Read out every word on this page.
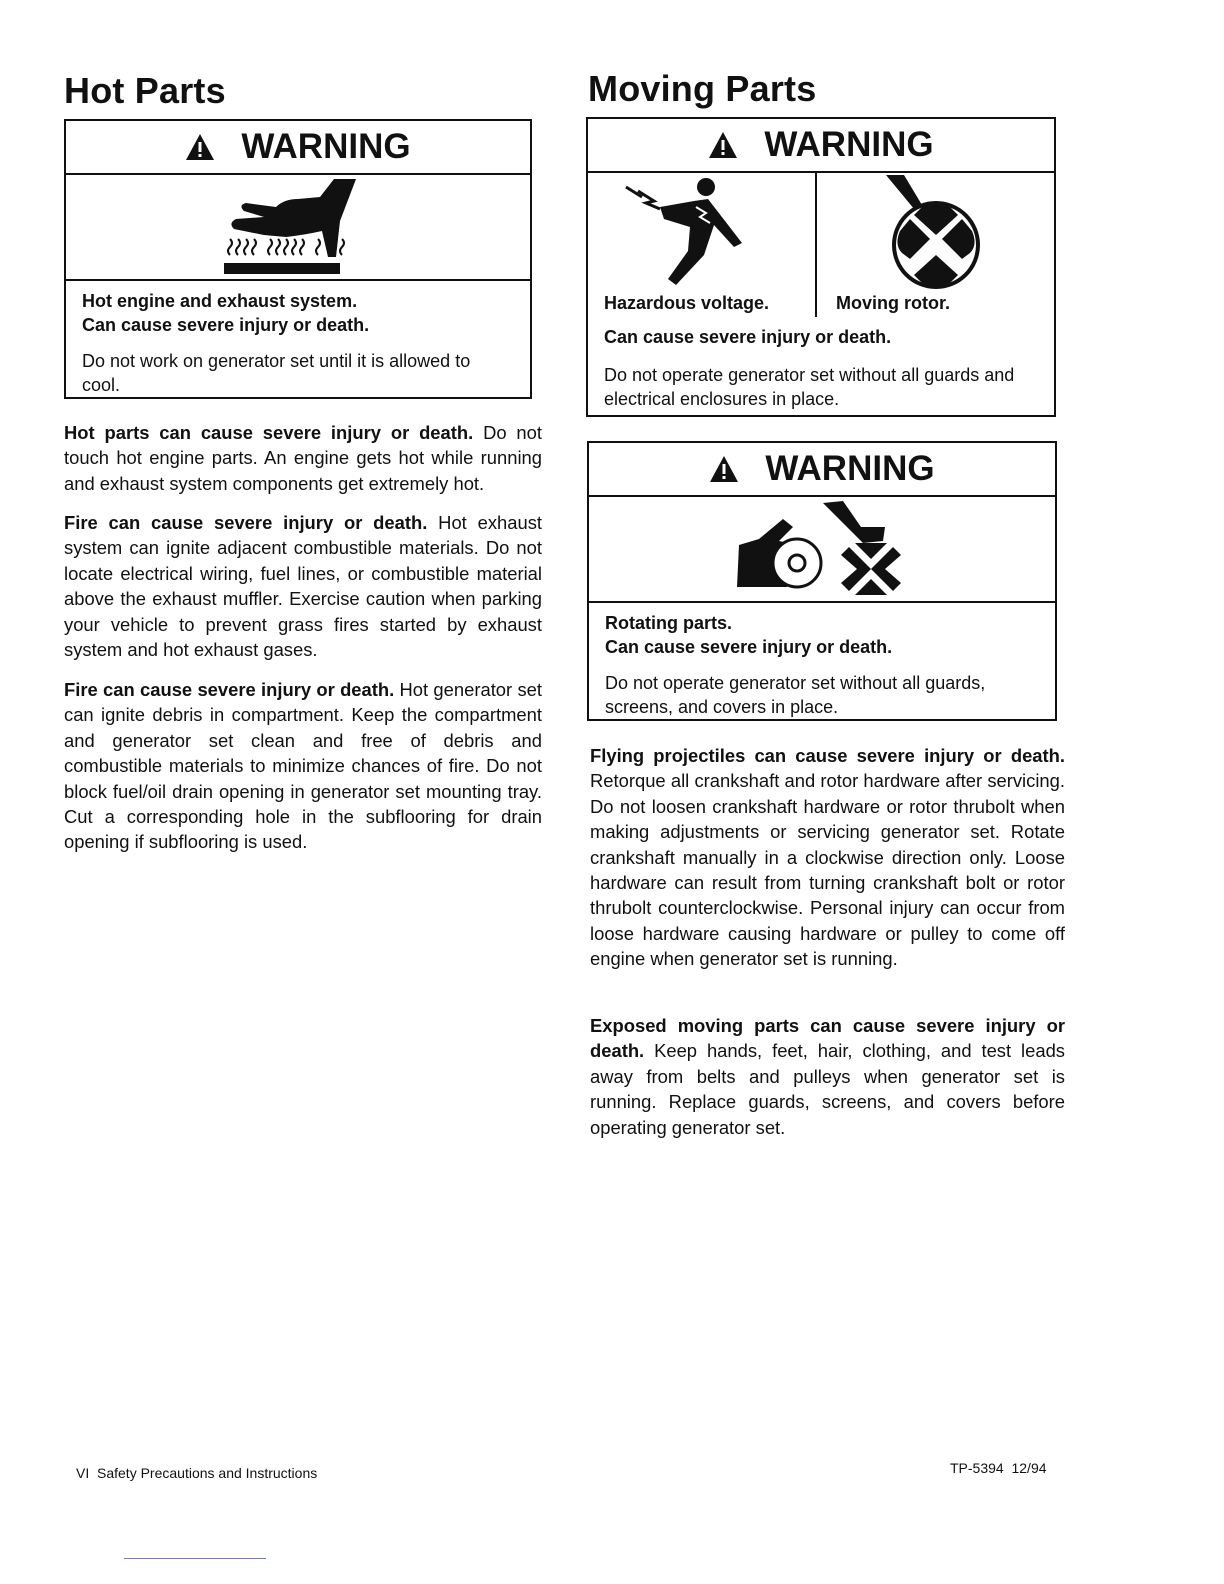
Hot Parts
WARNING

Hot engine and exhaust system.

Can cause severe injury or death.

Do not work on generator set until it is allowed to cool.

Hot parts can cause severe injury or death. Do not touch hot engine parts. An engine gets hot while running and exhaust system components get extremely hot.

Fire can cause severe injury or death. Hot exhaust system can ignite adjacent combustible materials. Do not locate electrical wiring, fuel lines, or combustible material above the exhaust muffler. Exercise caution when parking your vehicle to prevent grass fires started by exhaust system and hot exhaust gases.

Fire can cause severe injury or death. Hot generator set can ignite debris in compartment. Keep the compartment and generator set clean and free of debris and combustible materials to minimize chances of fire. Do not block fuel/oil drain opening in generator set mounting tray. Cut a corresponding hole in the subflooring for drain opening if subflooring is used.

Moving Parts
WARNING
Hazardous voltage.	Moving rotor.

Can cause severe injury or death.

Do not operate generator set without all guards and electrical enclosures in place.

WARNING

Rotating parts.

Can cause severe injury or death.

Do not operate generator set without all guards, screens, and covers in place.

Flying projectiles can cause severe injury or death. Retorque all crankshaft and rotor hardware after servicing. Do not loosen crankshaft hardware or rotor thrubolt when making adjustments or servicing generator set. Rotate crankshaft manually in a clockwise direction only. Loose hardware can result from turning crankshaft bolt or rotor thrubolt counterclockwise. Personal injury can occur from loose hardware causing hardware or pulley to come off engine when generator set is running.

Exposed moving parts can cause severe injury or death. Keep hands, feet, hair, clothing, and test leads away from belts and pulleys when generator set is running. Replace guards, screens, and covers before operating generator set.

VI  Safety Precautions and Instructions	TP-5394  12/94
